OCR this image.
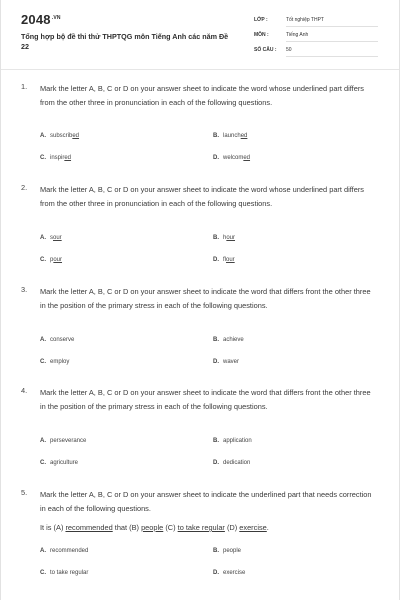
$2048^{.VN}$
Tổng hợp bộ đề thi thử THPTQG môn Tiếng Anh các năm Đề 22
LỚP :	Tốt nghiệp THPT
MÔN :	Tiếng Anh
SỐ CÂU :	50
1. Mark the letter A, B, C or D on your answer sheet to indicate the word whose underlined part differs from the other three in pronunciation in each of the following questions.
A. subscribed	B. launched
C. inspired	D. welcomed
2. Mark the letter A, B, C or D on your answer sheet to indicate the word whose underlined part differs from the other three in pronunciation in each of the following questions.
A. sour	B. hour
C. pour	D. flour
3. Mark the letter A, B, C or D on your answer sheet to indicate the word that differs front the other three in the position of the primary stress in each of the following questions.
A. conserve	B. achieve
C. employ	D. waver
4. Mark the letter A, B, C or D on your answer sheet to indicate the word that differs front the other three in the position of the primary stress in each of the following questions.
A. perseverance	B. application
C. agriculture	D. dedication
5. Mark the letter A, B, C or D on your answer sheet to indicate the underlined part that needs correction in each of the following questions.
It is (A) recommended that (B) people (C) to take regular (D) exercise.
A. recommended	B. people
C. to take regular	D. exercise
